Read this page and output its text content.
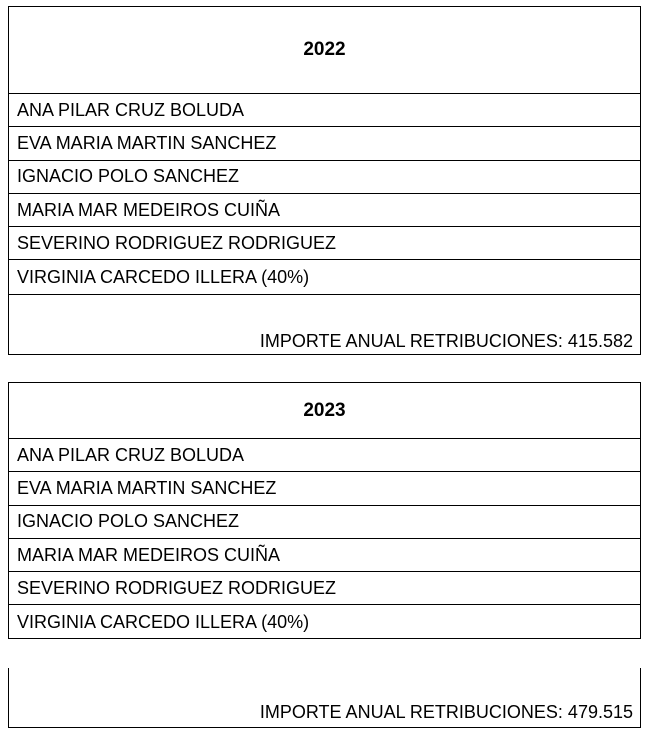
2022
ANA PILAR CRUZ BOLUDA
EVA MARIA MARTIN SANCHEZ
IGNACIO POLO SANCHEZ
MARIA MAR MEDEIROS CUIÑA
SEVERINO RODRIGUEZ RODRIGUEZ
VIRGINIA CARCEDO ILLERA (40%)
IMPORTE ANUAL RETRIBUCIONES: 415.582
2023
ANA PILAR CRUZ BOLUDA
EVA MARIA MARTIN SANCHEZ
IGNACIO POLO SANCHEZ
MARIA MAR MEDEIROS CUIÑA
SEVERINO RODRIGUEZ RODRIGUEZ
VIRGINIA CARCEDO ILLERA (40%)
IMPORTE ANUAL RETRIBUCIONES: 479.515
